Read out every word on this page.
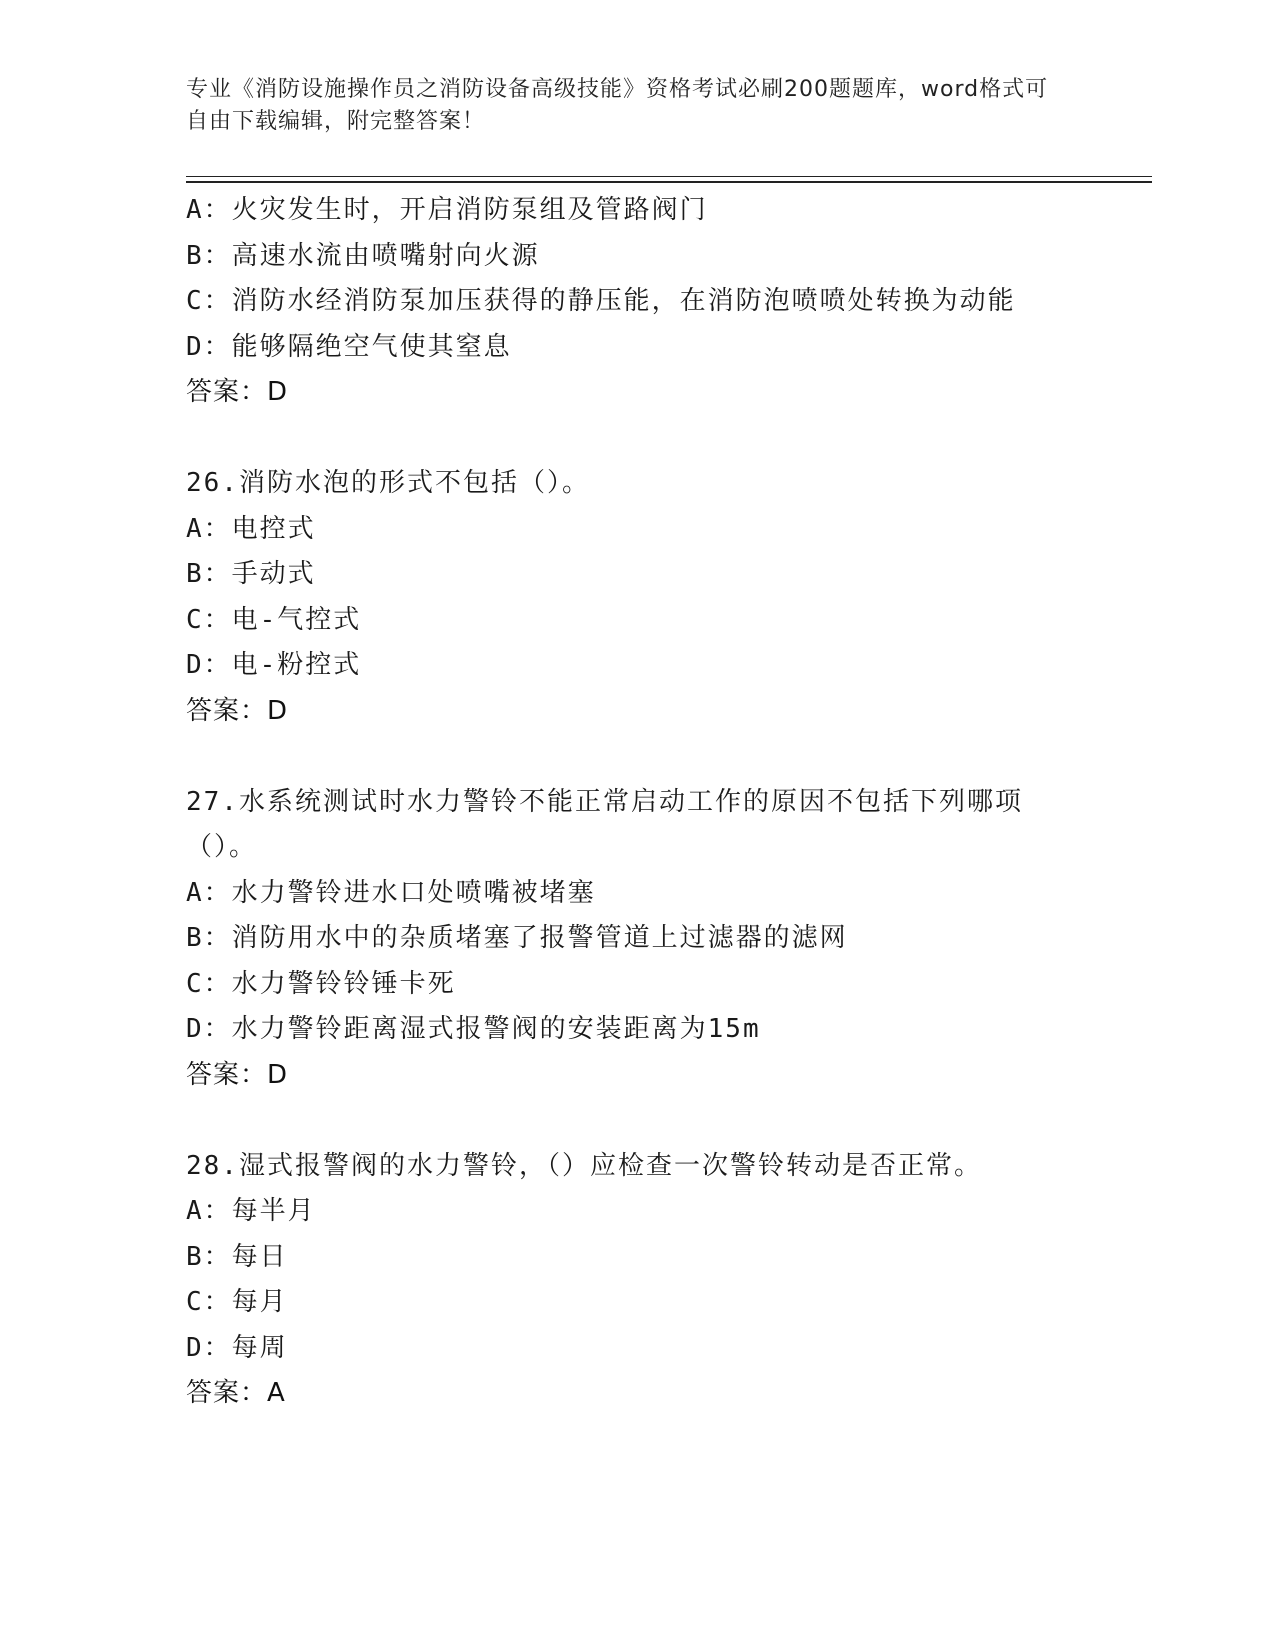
专业《消防设施操作员之消防设备高级技能》资格考试必刷200题题库，word格式可自由下载编辑，附完整答案！
A：火灾发生时，开启消防泵组及管路阀门
B：高速水流由喷嘴射向火源
C：消防水经消防泵加压获得的静压能，在消防泡喷喷处转换为动能
D：能够隔绝空气使其窒息
答案：D
26.消防水泡的形式不包括（）。
A：电控式
B：手动式
C：电-气控式
D：电-粉控式
答案：D
27.水系统测试时水力警铃不能正常启动工作的原因不包括下列哪项（）。
A：水力警铃进水口处喷嘴被堵塞
B：消防用水中的杂质堵塞了报警管道上过滤器的滤网
C：水力警铃铃锤卡死
D：水力警铃距离湿式报警阀的安装距离为15m
答案：D
28.湿式报警阀的水力警铃，（）应检查一次警铃转动是否正常。
A：每半月
B：每日
C：每月
D：每周
答案：A
